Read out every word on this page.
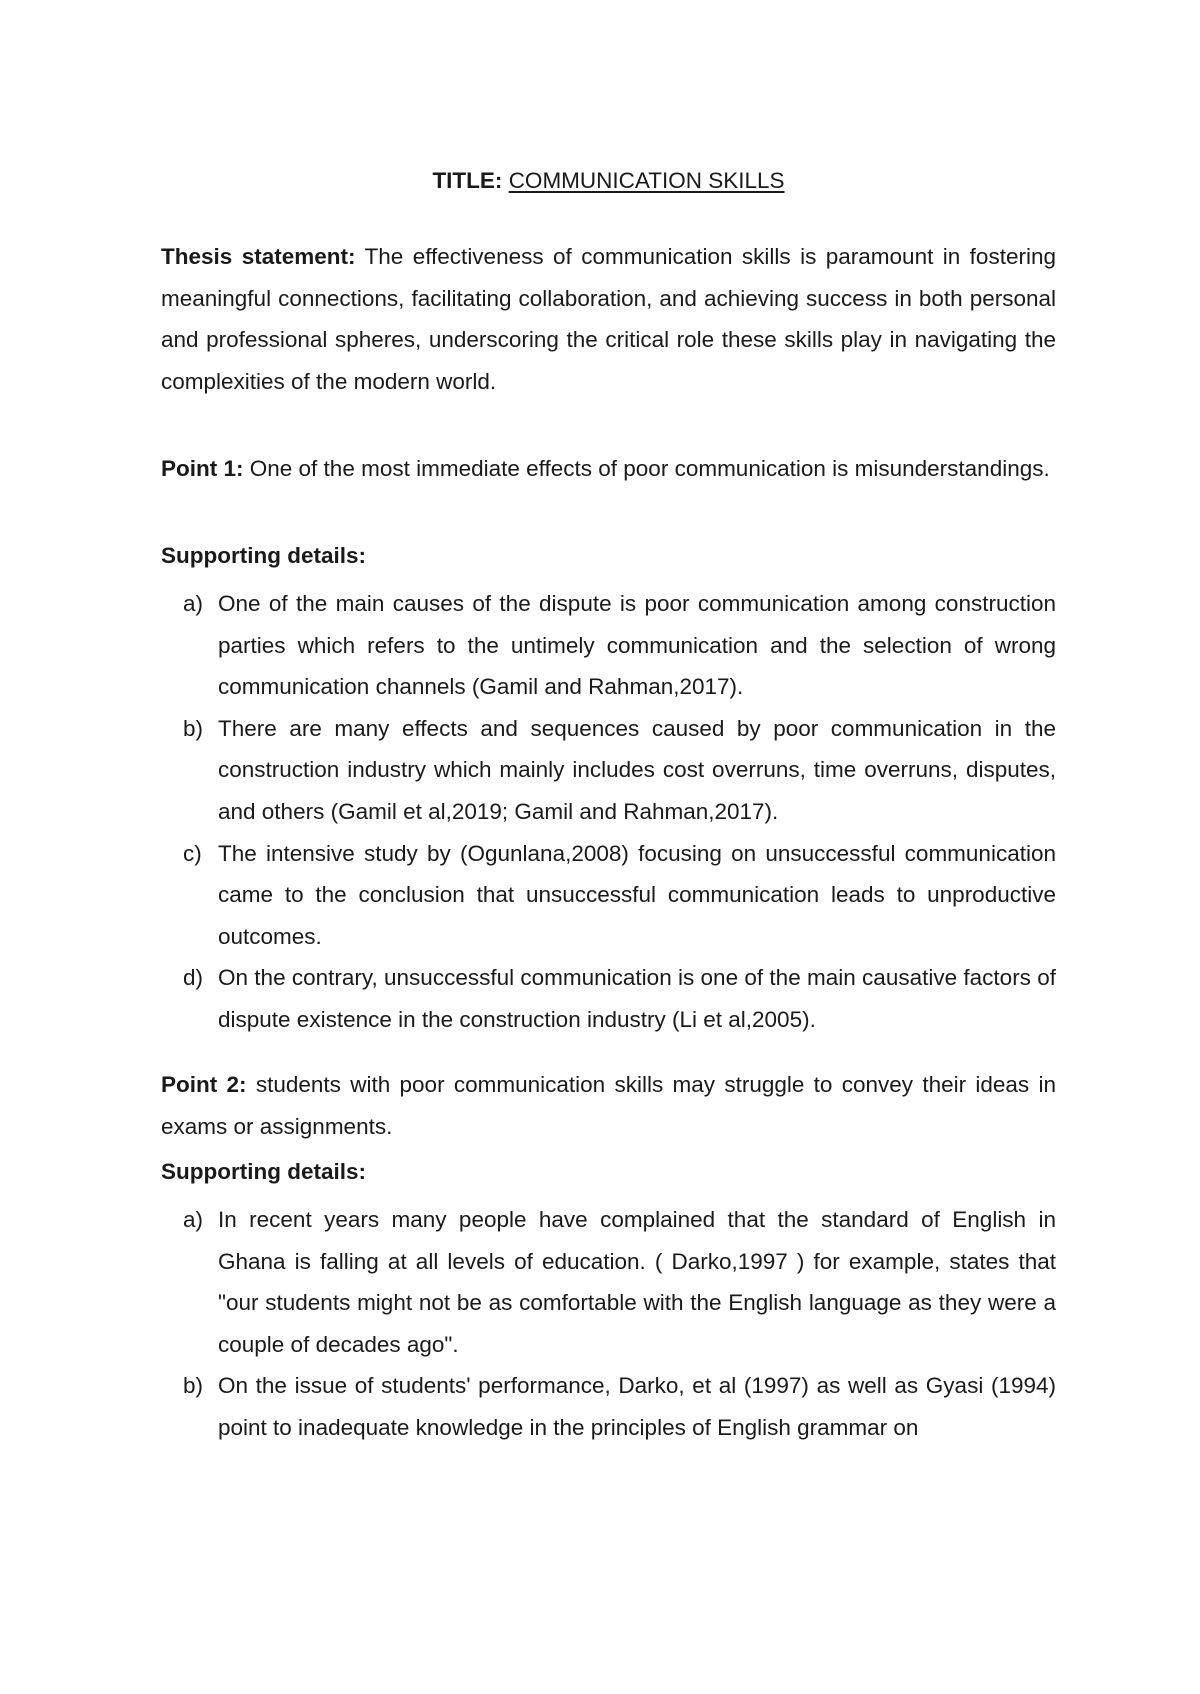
TITLE: COMMUNICATION SKILLS
Thesis statement: The effectiveness of communication skills is paramount in fostering meaningful connections, facilitating collaboration, and achieving success in both personal and professional spheres, underscoring the critical role these skills play in navigating the complexities of the modern world.
Point 1: One of the most immediate effects of poor communication is misunderstandings.
Supporting details:
a) One of the main causes of the dispute is poor communication among construction parties which refers to the untimely communication and the selection of wrong communication channels (Gamil and Rahman,2017).
b) There are many effects and sequences caused by poor communication in the construction industry which mainly includes cost overruns, time overruns, disputes, and others (Gamil et al,2019; Gamil and Rahman,2017).
c) The intensive study by (Ogunlana,2008) focusing on unsuccessful communication came to the conclusion that unsuccessful communication leads to unproductive outcomes.
d) On the contrary, unsuccessful communication is one of the main causative factors of dispute existence in the construction industry (Li et al,2005).
Point 2: students with poor communication skills may struggle to convey their ideas in exams or assignments.
Supporting details:
a) In recent years many people have complained that the standard of English in Ghana is falling at all levels of education. ( Darko,1997 ) for example, states that "our students might not be as comfortable with the English language as they were a couple of decades ago".
b) On the issue of students' performance, Darko, et al (1997) as well as Gyasi (1994) point to inadequate knowledge in the principles of English grammar on
